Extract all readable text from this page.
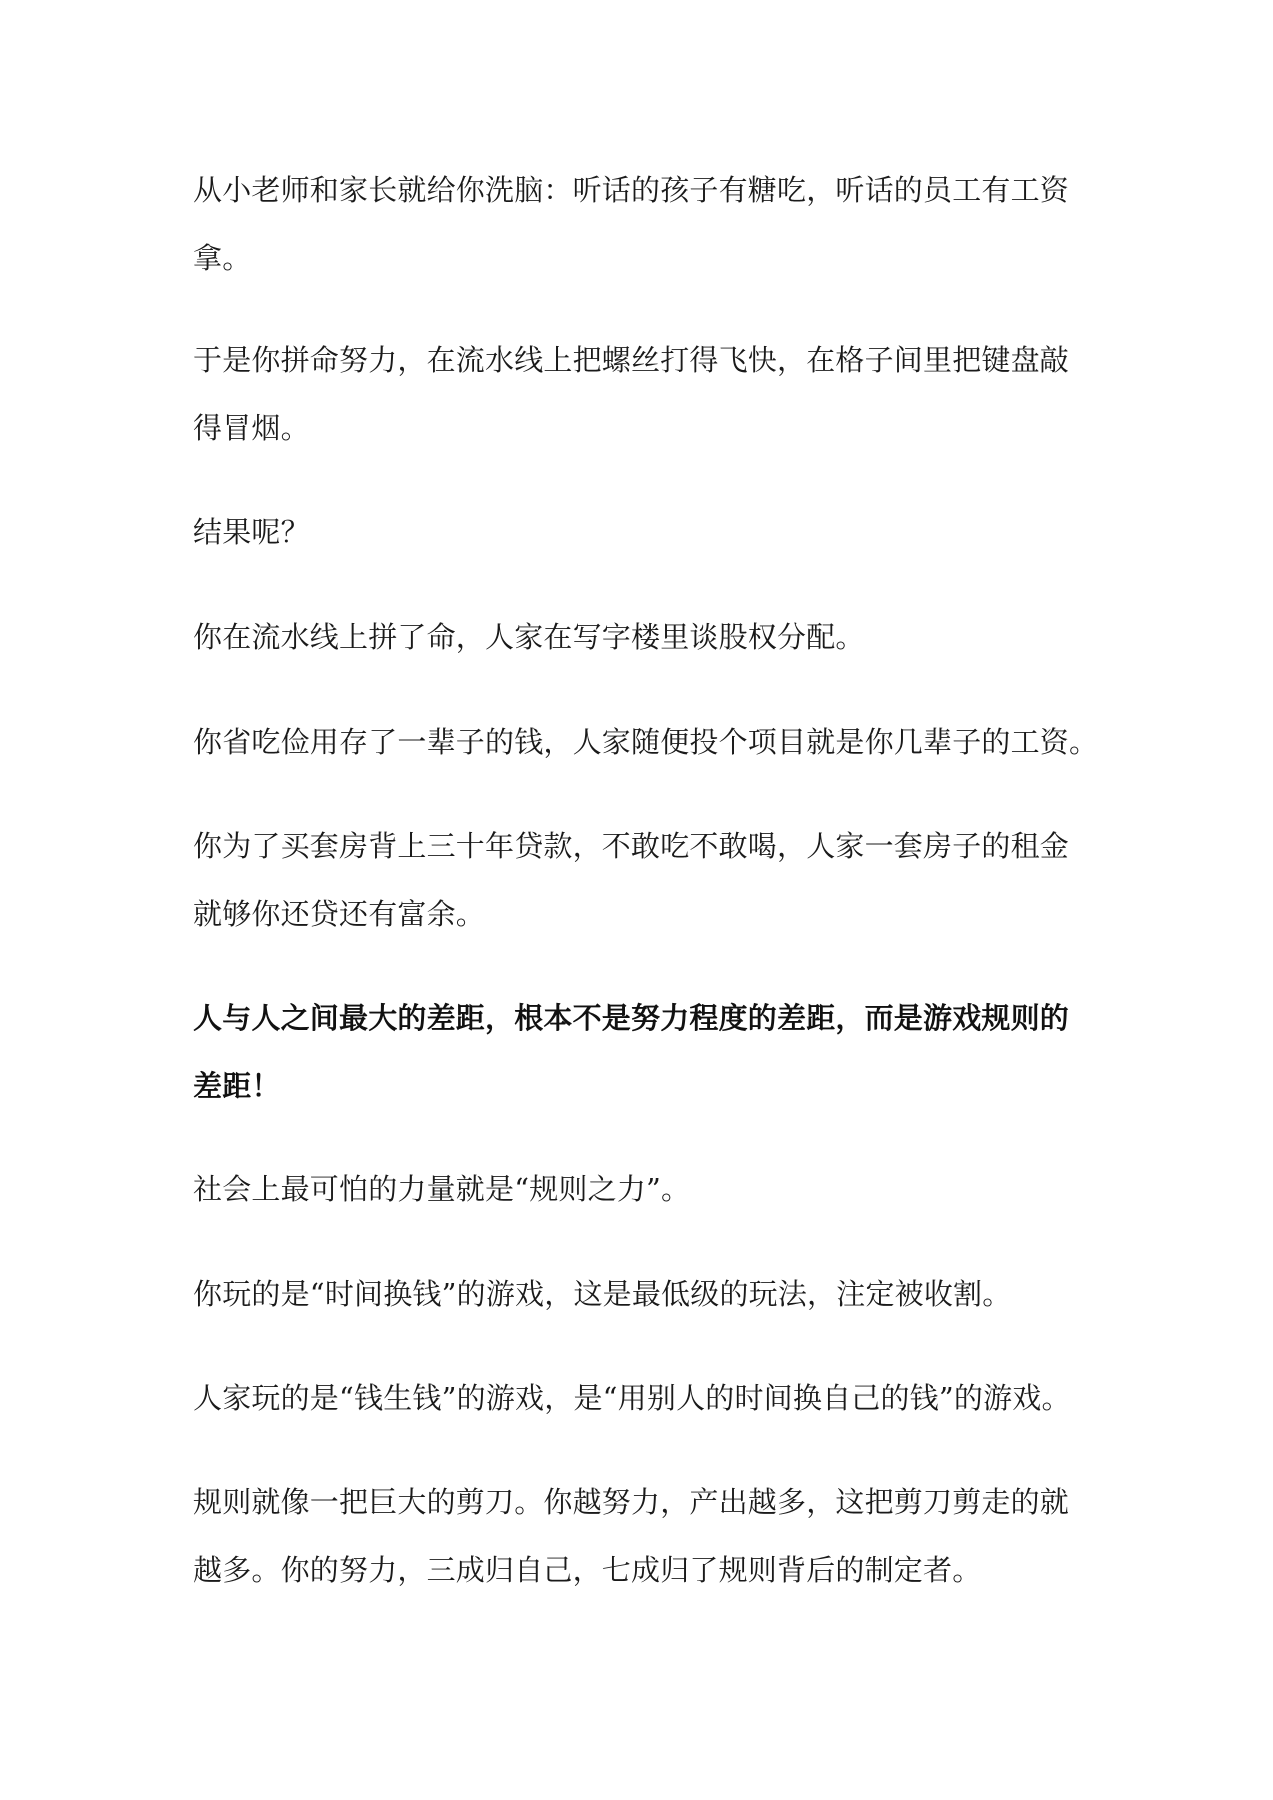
从小老师和家长就给你洗脑：听话的孩子有糖吃，听话的员工有工资
拿。

于是你拼命努力，在流水线上把螺丝打得飞快，在格子间里把键盘敲
得冒烟。

结果呢？

你在流水线上拼了命，人家在写字楼里谈股权分配。

你省吃俭用存了一辈子的钱，人家随便投个项目就是你几辈子的工资。

你为了买套房背上三十年贷款，不敢吃不敢喝，人家一套房子的租金
就够你还贷还有富余。

人与人之间最大的差距，根本不是努力程度的差距，而是游戏规则的
差距！

社会上最可怕的力量就是“规则之力”。

你玩的是“时间换钱”的游戏，这是最低级的玩法，注定被收割。

人家玩的是“钱生钱”的游戏，是“用别人的时间换自己的钱”的游戏。

规则就像一把巨大的剪刀。你越努力，产出越多，这把剪刀剪走的就
越多。你的努力，三成归自己，七成归了规则背后的制定者。
